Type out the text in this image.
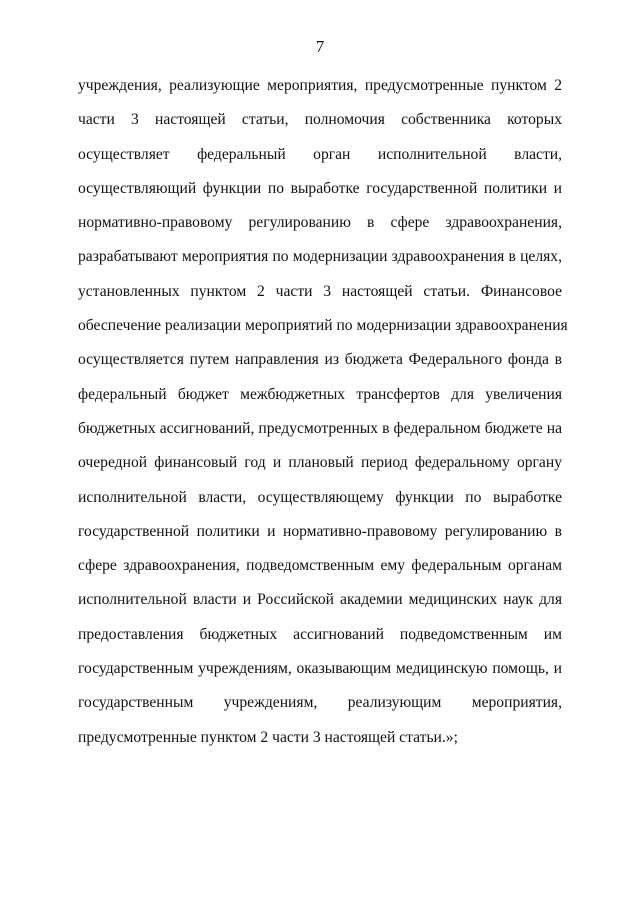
7
учреждения, реализующие мероприятия, предусмотренные пунктом 2
части 3 настоящей статьи, полномочия собственника которых
осуществляет федеральный орган исполнительной власти,
осуществляющий функции по выработке государственной политики и
нормативно-правовому регулированию в сфере здравоохранения,
разрабатывают мероприятия по модернизации здравоохранения в целях,
установленных пунктом 2 части 3 настоящей статьи. Финансовое
обеспечение реализации мероприятий по модернизации здравоохранения
осуществляется путем направления из бюджета Федерального фонда в
федеральный бюджет межбюджетных трансфертов для увеличения
бюджетных ассигнований, предусмотренных в федеральном бюджете на
очередной финансовый год и плановый период федеральному органу
исполнительной власти, осуществляющему функции по выработке
государственной политики и нормативно-правовому регулированию в
сфере здравоохранения, подведомственным ему федеральным органам
исполнительной власти и Российской академии медицинских наук для
предоставления бюджетных ассигнований подведомственным им
государственным учреждениям, оказывающим медицинскую помощь, и
государственным учреждениям, реализующим мероприятия,
предусмотренные пунктом 2 части 3 настоящей статьи.»;
